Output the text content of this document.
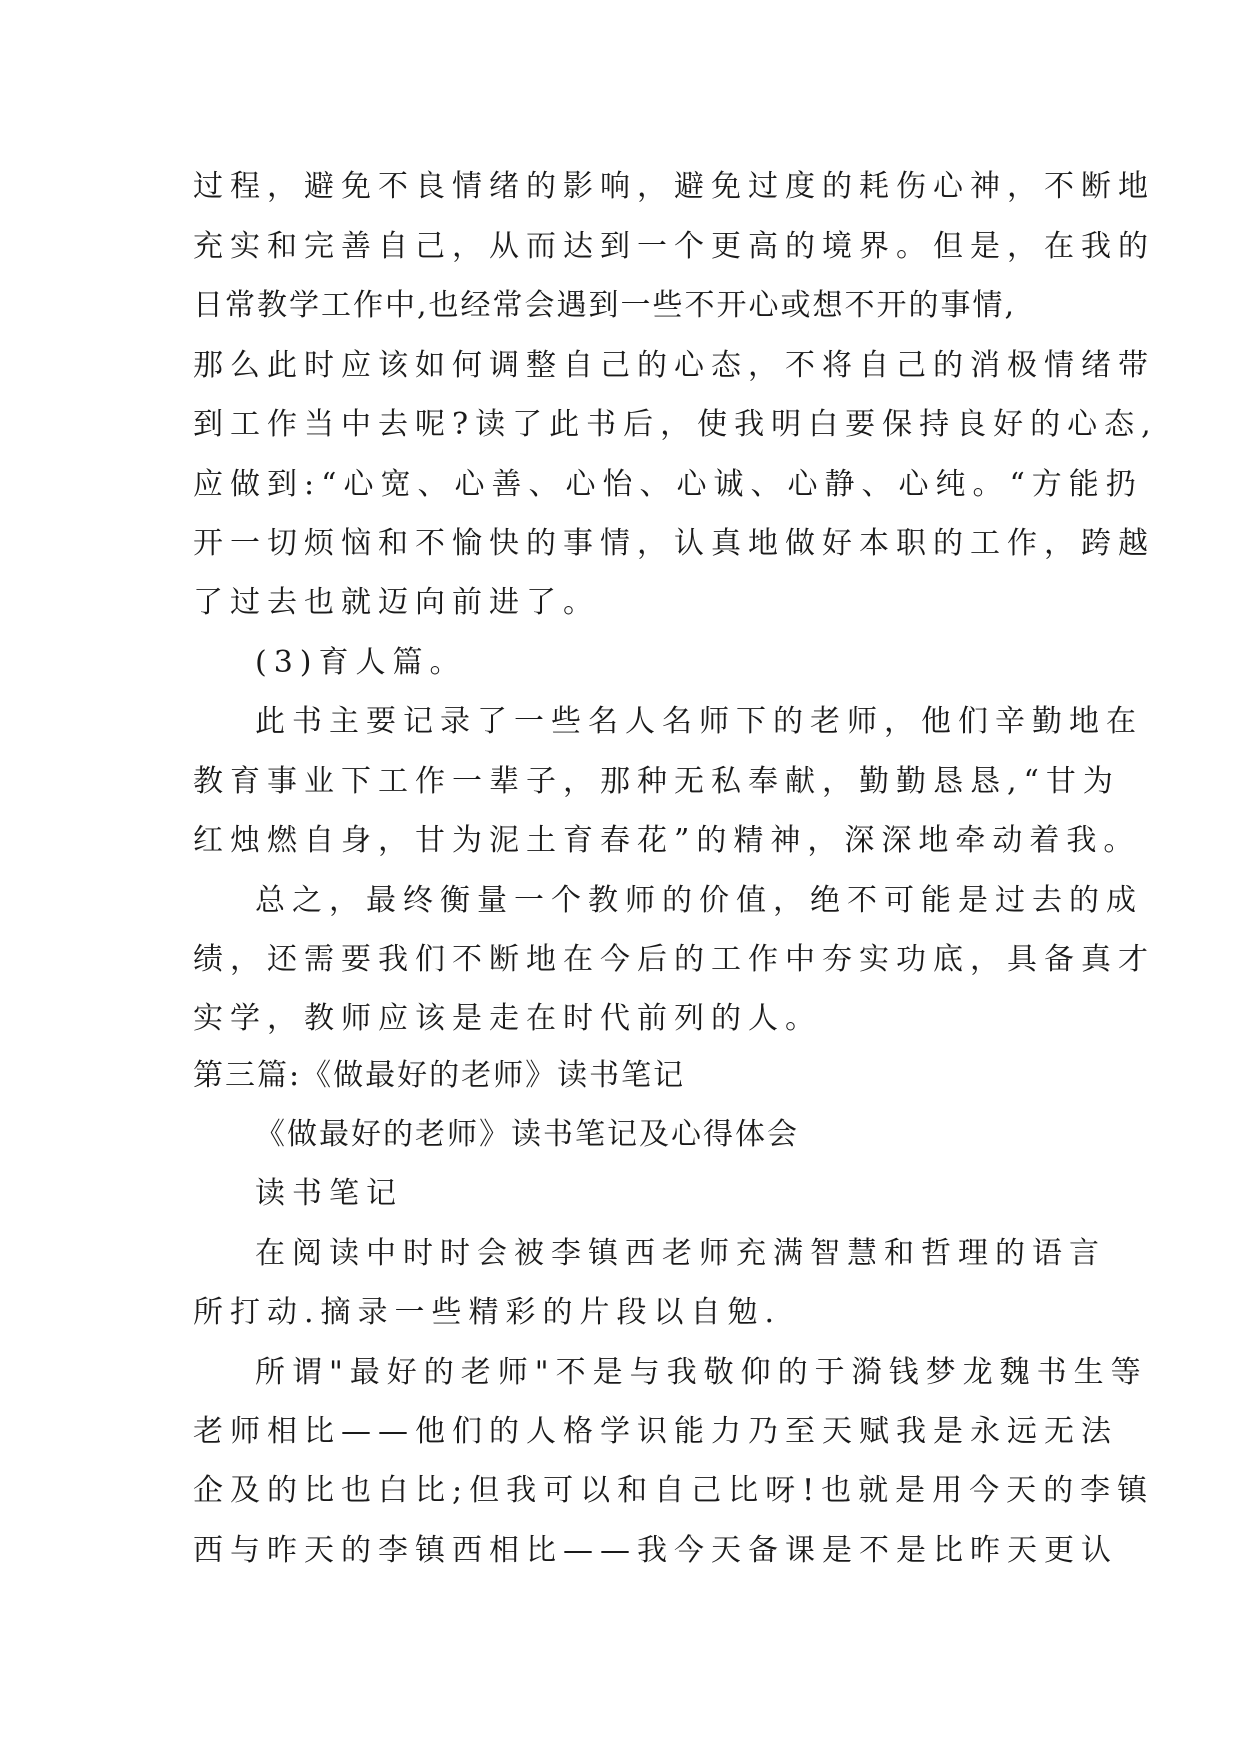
过程，避免不良情绪的影响，避免过度的耗伤心神，不断地
充实和完善自己，从而达到一个更高的境界。但是，在我的
日常教学工作中,也经常会遇到一些不开心或想不开的事情,
那么此时应该如何调整自己的心态，不将自己的消极情绪带
到工作当中去呢?读了此书后，使我明白要保持良好的心态,
应做到:“心宽、心善、心怡、心诚、心静、心纯。“方能扔
开一切烦恼和不愉快的事情，认真地做好本职的工作，跨越
了过去也就迈向前进了。
(3)育人篇。
此书主要记录了一些名人名师下的老师，他们辛勤地在
教育事业下工作一辈子，那种无私奉献，勤勤恳恳,“甘为
红烛燃自身，甘为泥土育春花”的精神，深深地牵动着我。
总之，最终衡量一个教师的价值，绝不可能是过去的成
绩，还需要我们不断地在今后的工作中夯实功底，具备真才
实学，教师应该是走在时代前列的人。
第三篇:《做最好的老师》读书笔记
《做最好的老师》读书笔记及心得体会
读书笔记
在阅读中时时会被李镇西老师充满智慧和哲理的语言
所打动.摘录一些精彩的片段以自勉.
所谓"最好的老师"不是与我敬仰的于漪钱梦龙魏书生等
老师相比——他们的人格学识能力乃至天赋我是永远无法
企及的比也白比;但我可以和自己比呀!也就是用今天的李镇
西与昨天的李镇西相比——我今天备课是不是比昨天更认
